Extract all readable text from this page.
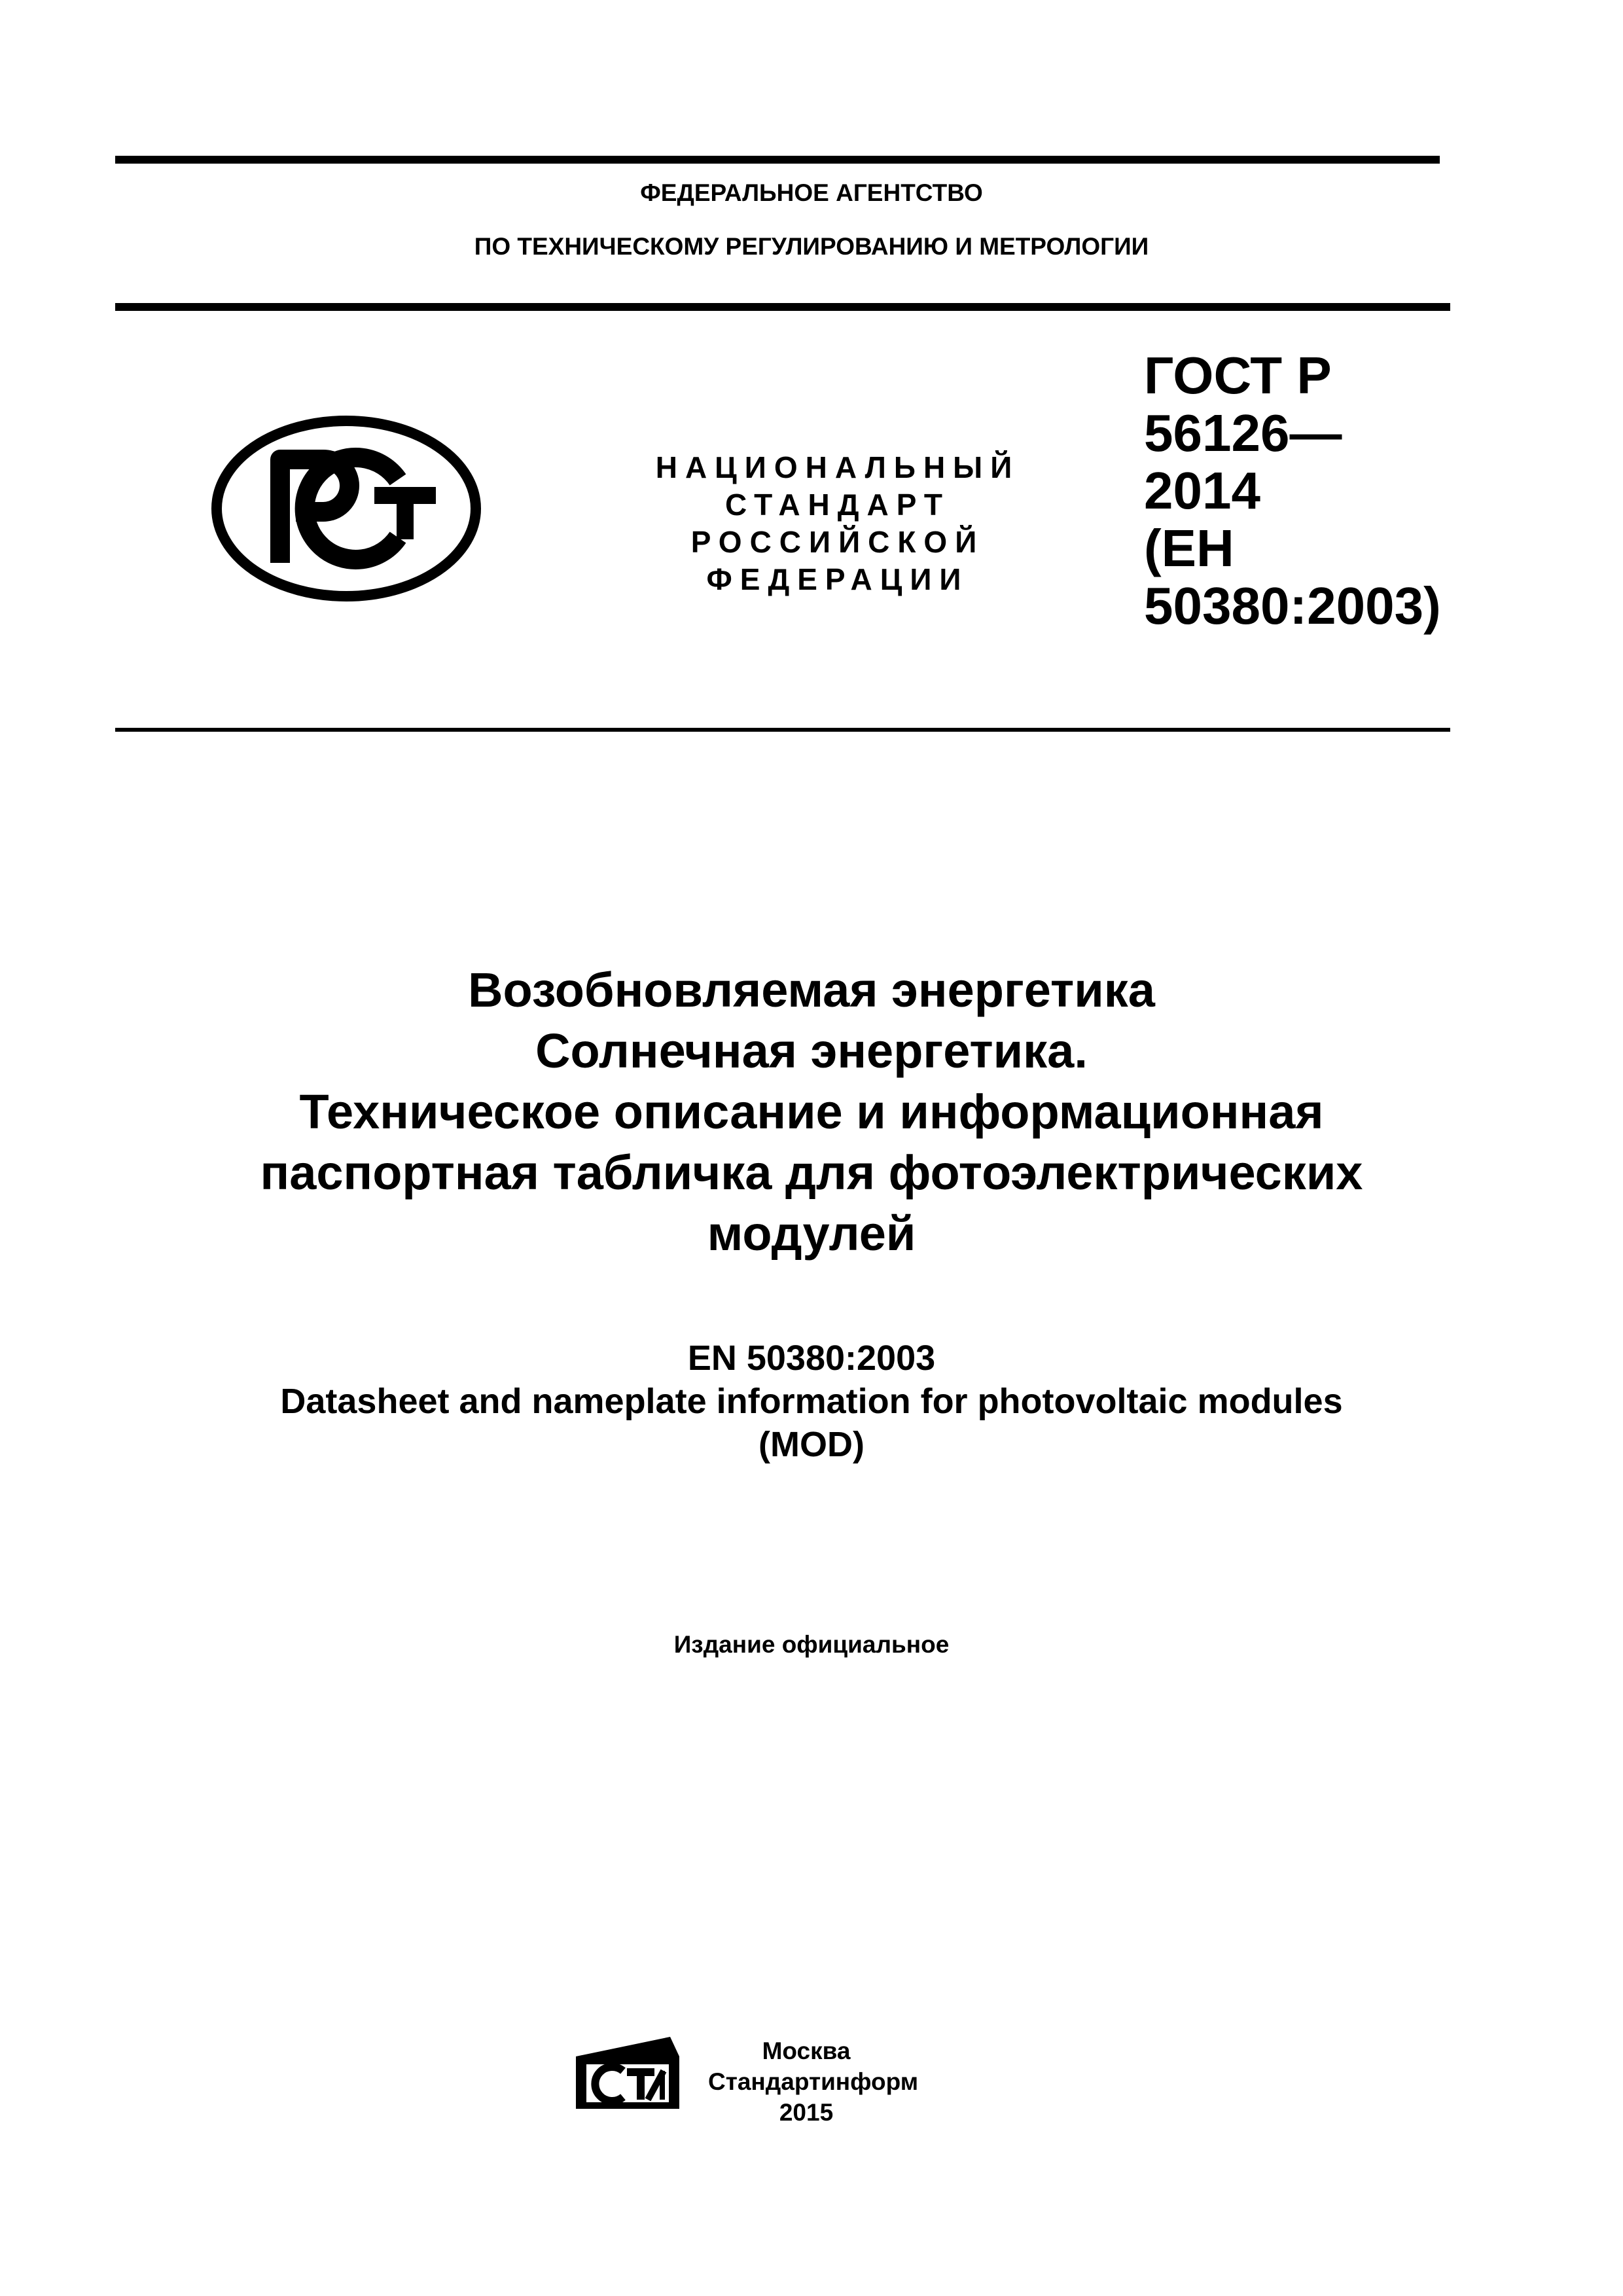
ФЕДЕРАЛЬНОЕ АГЕНТСТВО
ПО ТЕХНИЧЕСКОМУ РЕГУЛИРОВАНИЮ И МЕТРОЛОГИИ
НАЦИОНАЛЬНЫЙ
СТАНДАРТ
РОССИЙСКОЙ
ФЕДЕРАЦИИ
ГОСТ Р
56126—
2014
(ЕН
50380:2003)
Возобновляемая энергетика
Солнечная энергетика.
Техническое описание и информационная
паспортная табличка для фотоэлектрических
модулей
EN 50380:2003
Datasheet and nameplate information for photovoltaic modules
(MOD)
Издание официальное
Москва
Стандартинформ
2015
